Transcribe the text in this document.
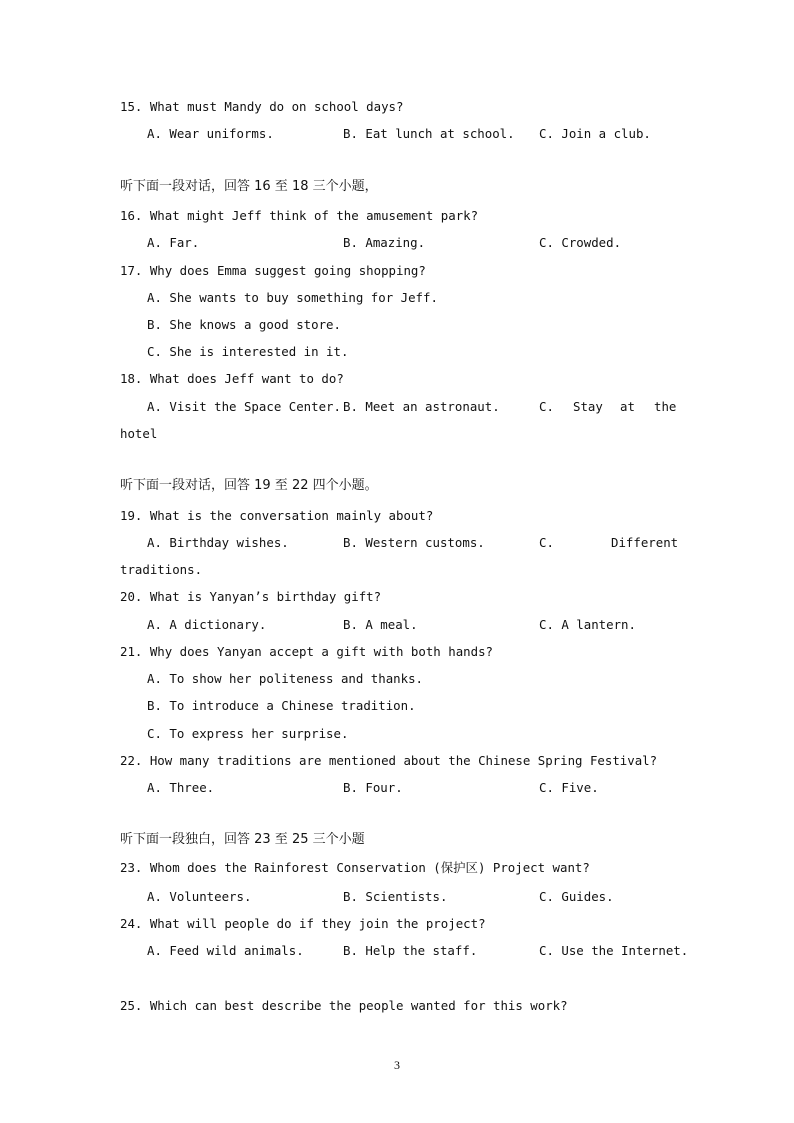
15. What must Mandy do on school days?
A. Wear uniforms.	B. Eat lunch at school. C. Join a club.
听下面一段对话，回答 16 至 18 三个小题，
16. What might Jeff think of the amusement park?
A. Far.	B. Amazing.	C. Crowded.
17. Why does Emma suggest going shopping?
A. She wants to buy something for Jeff.
B. She knows a good store.
C. She is interested in it.
18. What does Jeff want to do?
A. Visit the Space Center. B. Meet an astronaut.	C. Stay at the
hotel
听下面一段对话，回答 19 至 22 四个小题。
19. What is the conversation mainly about?
A. Birthday wishes.	B. Western customs.	C.	Different
traditions.
20. What is Yanyan’s birthday gift?
A. A dictionary.	B. A meal.	C. A lantern.
21. Why does Yanyan accept a gift with both hands?
A. To show her politeness and thanks.
B. To introduce a Chinese tradition.
C. To express her surprise.
22. How many traditions are mentioned about the Chinese Spring Festival?
A. Three.	B. Four.	C. Five.
听下面一段独白，回答 23 至 25 三个小题
23. Whom does the Rainforest Conservation (保护区) Project want?
A. Volunteers.	B. Scientists.	C. Guides.
24. What will people do if they join the project?
A. Feed wild animals.	B. Help the staff.	C. Use the Internet.
25. Which can best describe the people wanted for this work?
3
